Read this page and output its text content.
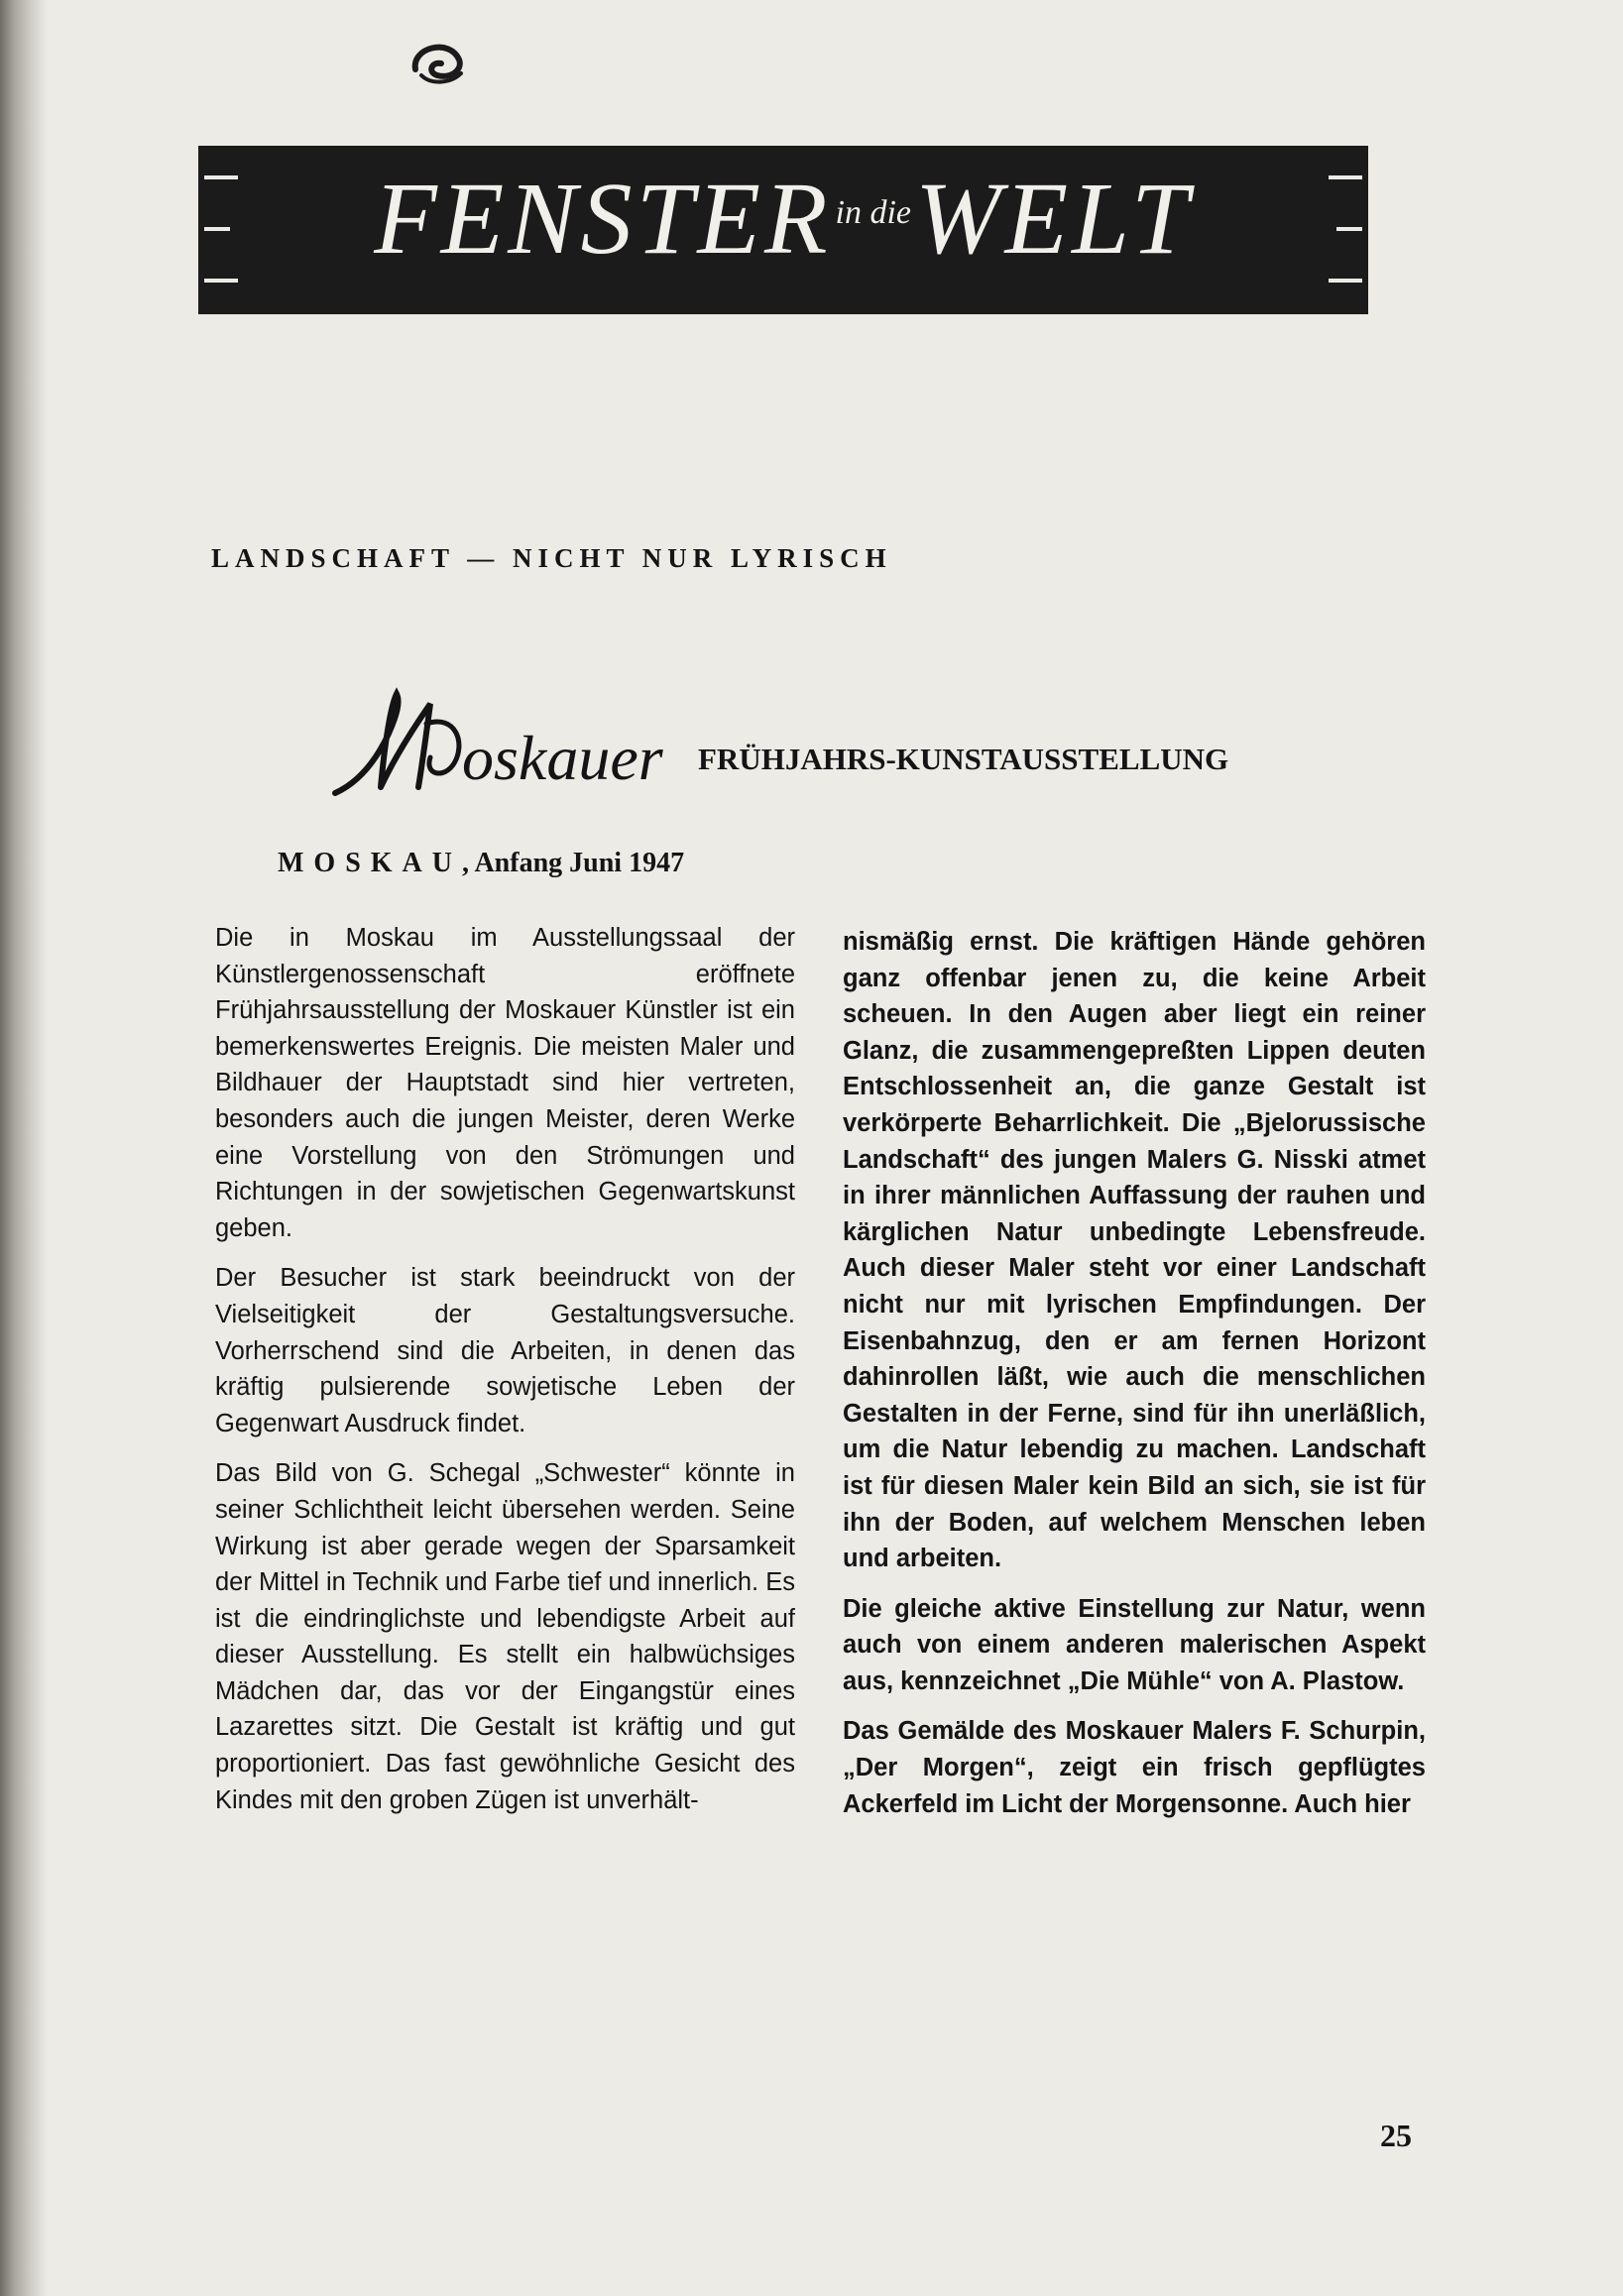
FENSTER $^{in die}$WELT
LANDSCHAFT — NICHT NUR LYRISCH
oskauer FRÜHJAHRS-KUNSTAUSSTELLUNG
MOSKAU, Anfang Juni 1947

Die in Moskau im Ausstellungssaal der Künstlergenossenschaft eröffnete Frühjahrsausstellung der Moskauer Künstler ist ein bemerkenswertes Ereignis. Die meisten Maler und Bildhauer der Hauptstadt sind hier vertreten, besonders auch die jungen Meister, deren Werke eine Vorstellung von den Strömungen und Richtungen in der sowjetischen Gegenwartskunst geben.

Der Besucher ist stark beeindruckt von der Vielseitigkeit der Gestaltungsversuche. Vorherrschend sind die Arbeiten, in denen das kräftig pulsierende sowjetische Leben der Gegenwart Ausdruck findet.

Das Bild von G. Schegal „Schwester“ könnte in seiner Schlichtheit leicht übersehen werden. Seine Wirkung ist aber gerade wegen der Sparsamkeit der Mittel in Technik und Farbe tief und innerlich. Es ist die eindringlichste und lebendigste Arbeit auf dieser Ausstellung. Es stellt ein halbwüchsiges Mädchen dar, das vor der Eingangstür eines Lazarettes sitzt. Die Gestalt ist kräftig und gut proportioniert. Das fast gewöhnliche Gesicht des Kindes mit den groben Zügen ist unverhält-

nismäßig ernst. Die kräftigen Hände gehören ganz offenbar jenen zu, die keine Arbeit scheuen. In den Augen aber liegt ein reiner Glanz, die zusammengepreßten Lippen deuten Entschlossenheit an, die ganze Gestalt ist verkörperte Beharrlichkeit. Die „Bjelorussische Landschaft“ des jungen Malers G. Nisski atmet in ihrer männlichen Auffassung der rauhen und kärglichen Natur unbedingte Lebensfreude. Auch dieser Maler steht vor einer Landschaft nicht nur mit lyrischen Empfindungen. Der Eisenbahnzug, den er am fernen Horizont dahinrollen läßt, wie auch die menschlichen Gestalten in der Ferne, sind für ihn unerläßlich, um die Natur lebendig zu machen. Landschaft ist für diesen Maler kein Bild an sich, sie ist für ihn der Boden, auf welchem Menschen leben und arbeiten.

Die gleiche aktive Einstellung zur Natur, wenn auch von einem anderen malerischen Aspekt aus, kennzeichnet „Die Mühle“ von A. Plastow.

Das Gemälde des Moskauer Malers F. Schurpin, „Der Morgen“, zeigt ein frisch gepflügtes Ackerfeld im Licht der Morgensonne. Auch hier

25
